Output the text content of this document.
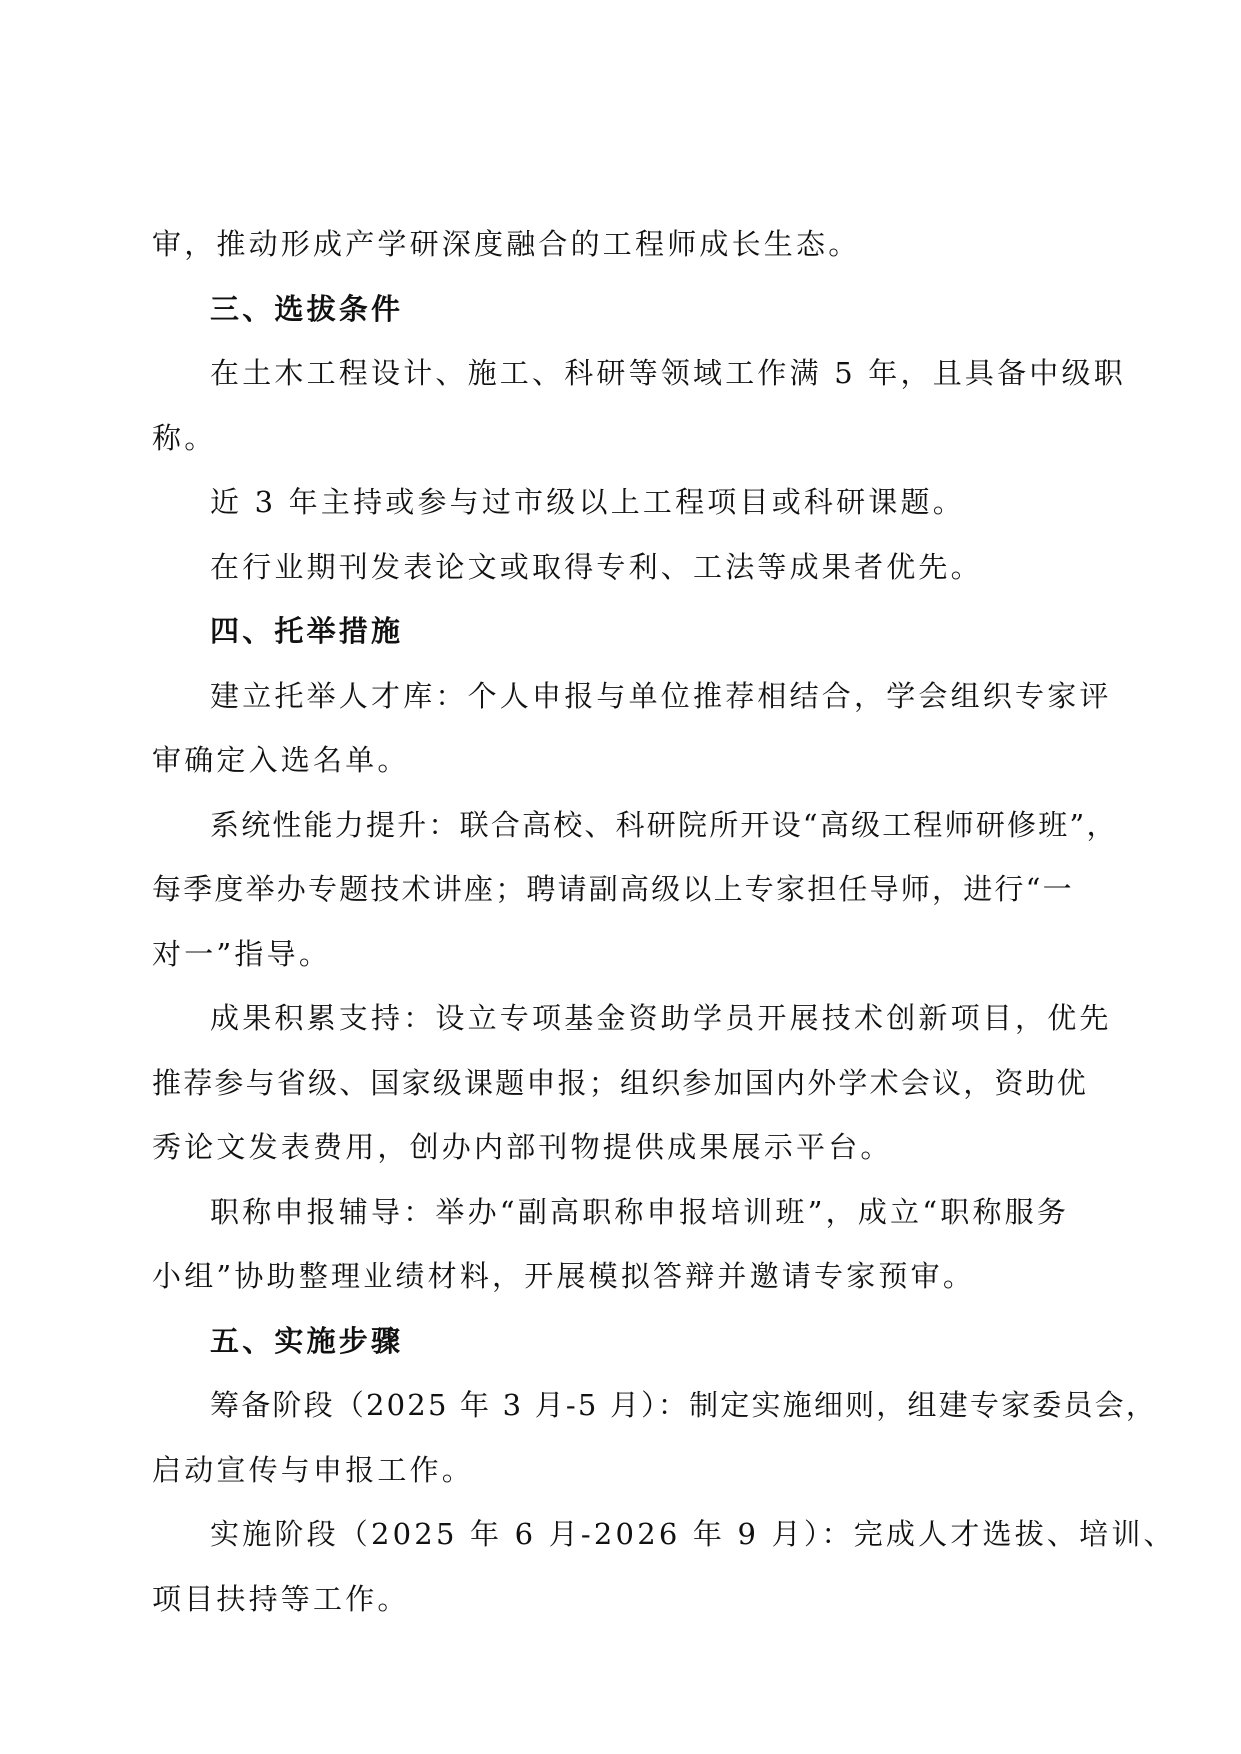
审，推动形成产学研深度融合的工程师成长生态。

三、选拔条件

在土木工程设计、施工、科研等领域工作满 5 年，且具备中级职

称。

近 3 年主持或参与过市级以上工程项目或科研课题。

在行业期刊发表论文或取得专利、工法等成果者优先。

四、托举措施

建立托举人才库：个人申报与单位推荐相结合，学会组织专家评

审确定入选名单。

系统性能力提升：联合高校、科研院所开设“高级工程师研修班”，

每季度举办专题技术讲座；聘请副高级以上专家担任导师，进行“一

对一”指导。

成果积累支持：设立专项基金资助学员开展技术创新项目，优先

推荐参与省级、国家级课题申报；组织参加国内外学术会议，资助优

秀论文发表费用，创办内部刊物提供成果展示平台。

职称申报辅导：举办“副高职称申报培训班”，成立“职称服务

小组”协助整理业绩材料，开展模拟答辩并邀请专家预审。

五、实施步骤

筹备阶段（2025 年 3 月-5 月）：制定实施细则，组建专家委员会，

启动宣传与申报工作。

实施阶段（2025 年 6 月-2026 年 9 月）：完成人才选拔、培训、

项目扶持等工作。
